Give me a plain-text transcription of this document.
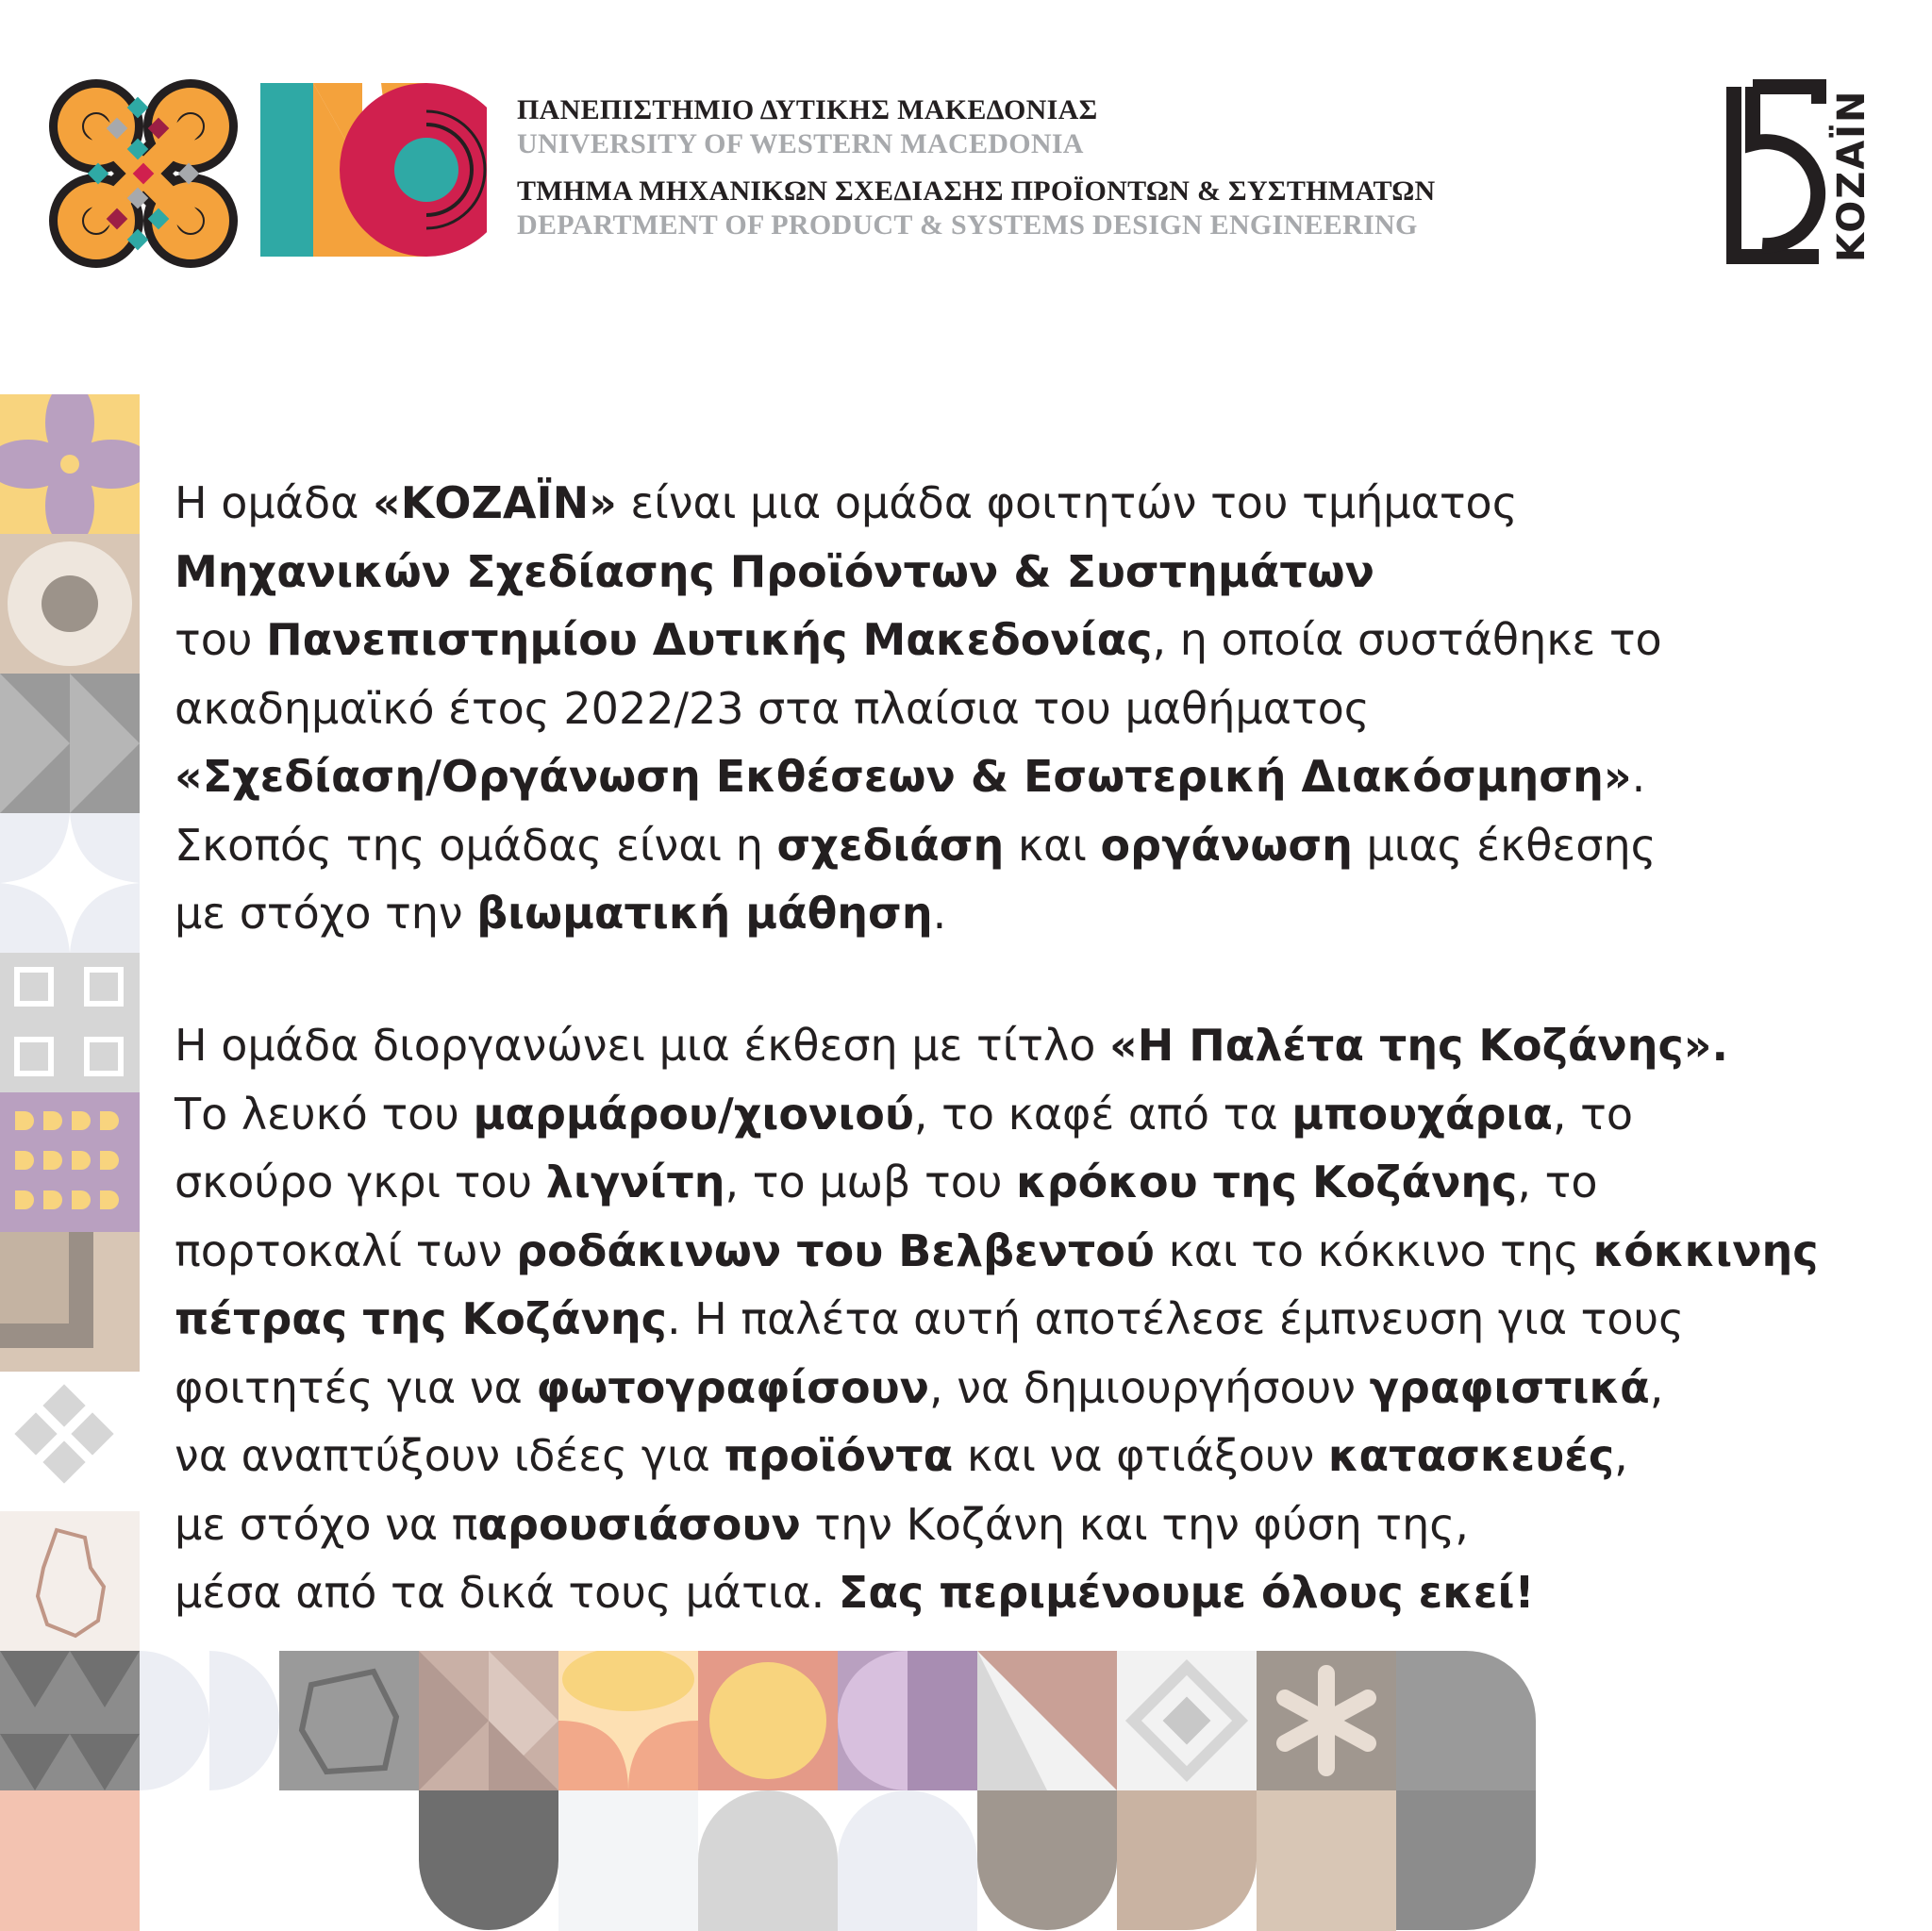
ΠΑΝΕΠΙΣΤΗΜΙΟ ΔΥΤΙΚΗΣ ΜΑΚΕΔΟΝΙΑΣ
UNIVERSITY OF WESTERN MACEDONIA
ΤΜΗΜΑ ΜΗΧΑΝΙΚΩΝ ΣΧΕΔΙΑΣΗΣ ΠΡΟΪΟΝΤΩΝ & ΣΥΣΤΗΜΑΤΩΝ
DEPARTMENT OF PRODUCT & SYSTEMS DESIGN ENGINEERING	KOZAÏN
Η ομάδα «ΚΟΖΑΪΝ» είναι μια ομάδα φοιτητών του τμήματος
Μηχανικών Σχεδίασης Προϊόντων & Συστημάτων
του Πανεπιστημίου Δυτικής Μακεδονίας, η οποία συστάθηκε το
ακαδημαϊκό έτος 2022/23 στα πλαίσια του μαθήματος
«Σχεδίαση/Οργάνωση Εκθέσεων & Εσωτερική Διακόσμηση».
Σκοπός της ομάδας είναι η σχεδιάση και οργάνωση μιας έκθεσης
με στόχο την βιωματική μάθηση.
Η ομάδα διοργανώνει μια έκθεση με τίτλο «Η Παλέτα της Κοζάνης».
Το λευκό του μαρμάρου/χιονιού, το καφέ από τα μπουχάρια, το
σκούρο γκρι του λιγνίτη, το μωβ του κρόκου της Κοζάνης, το
πορτοκαλί των ροδάκινων του Βελβεντού και το κόκκινο της κόκκινης
πέτρας της Κοζάνης. Η παλέτα αυτή αποτέλεσε έμπνευση για τους
φοιτητές για να φωτογραφίσουν, να δημιουργήσουν γραφιστικά,
να αναπτύξουν ιδέες για προϊόντα και να φτιάξουν κατασκευές,
με στόχο να παρουσιάσουν την Κοζάνη και την φύση της,
μέσα από τα δικά τους μάτια. Σας περιμένουμε όλους εκεί!
